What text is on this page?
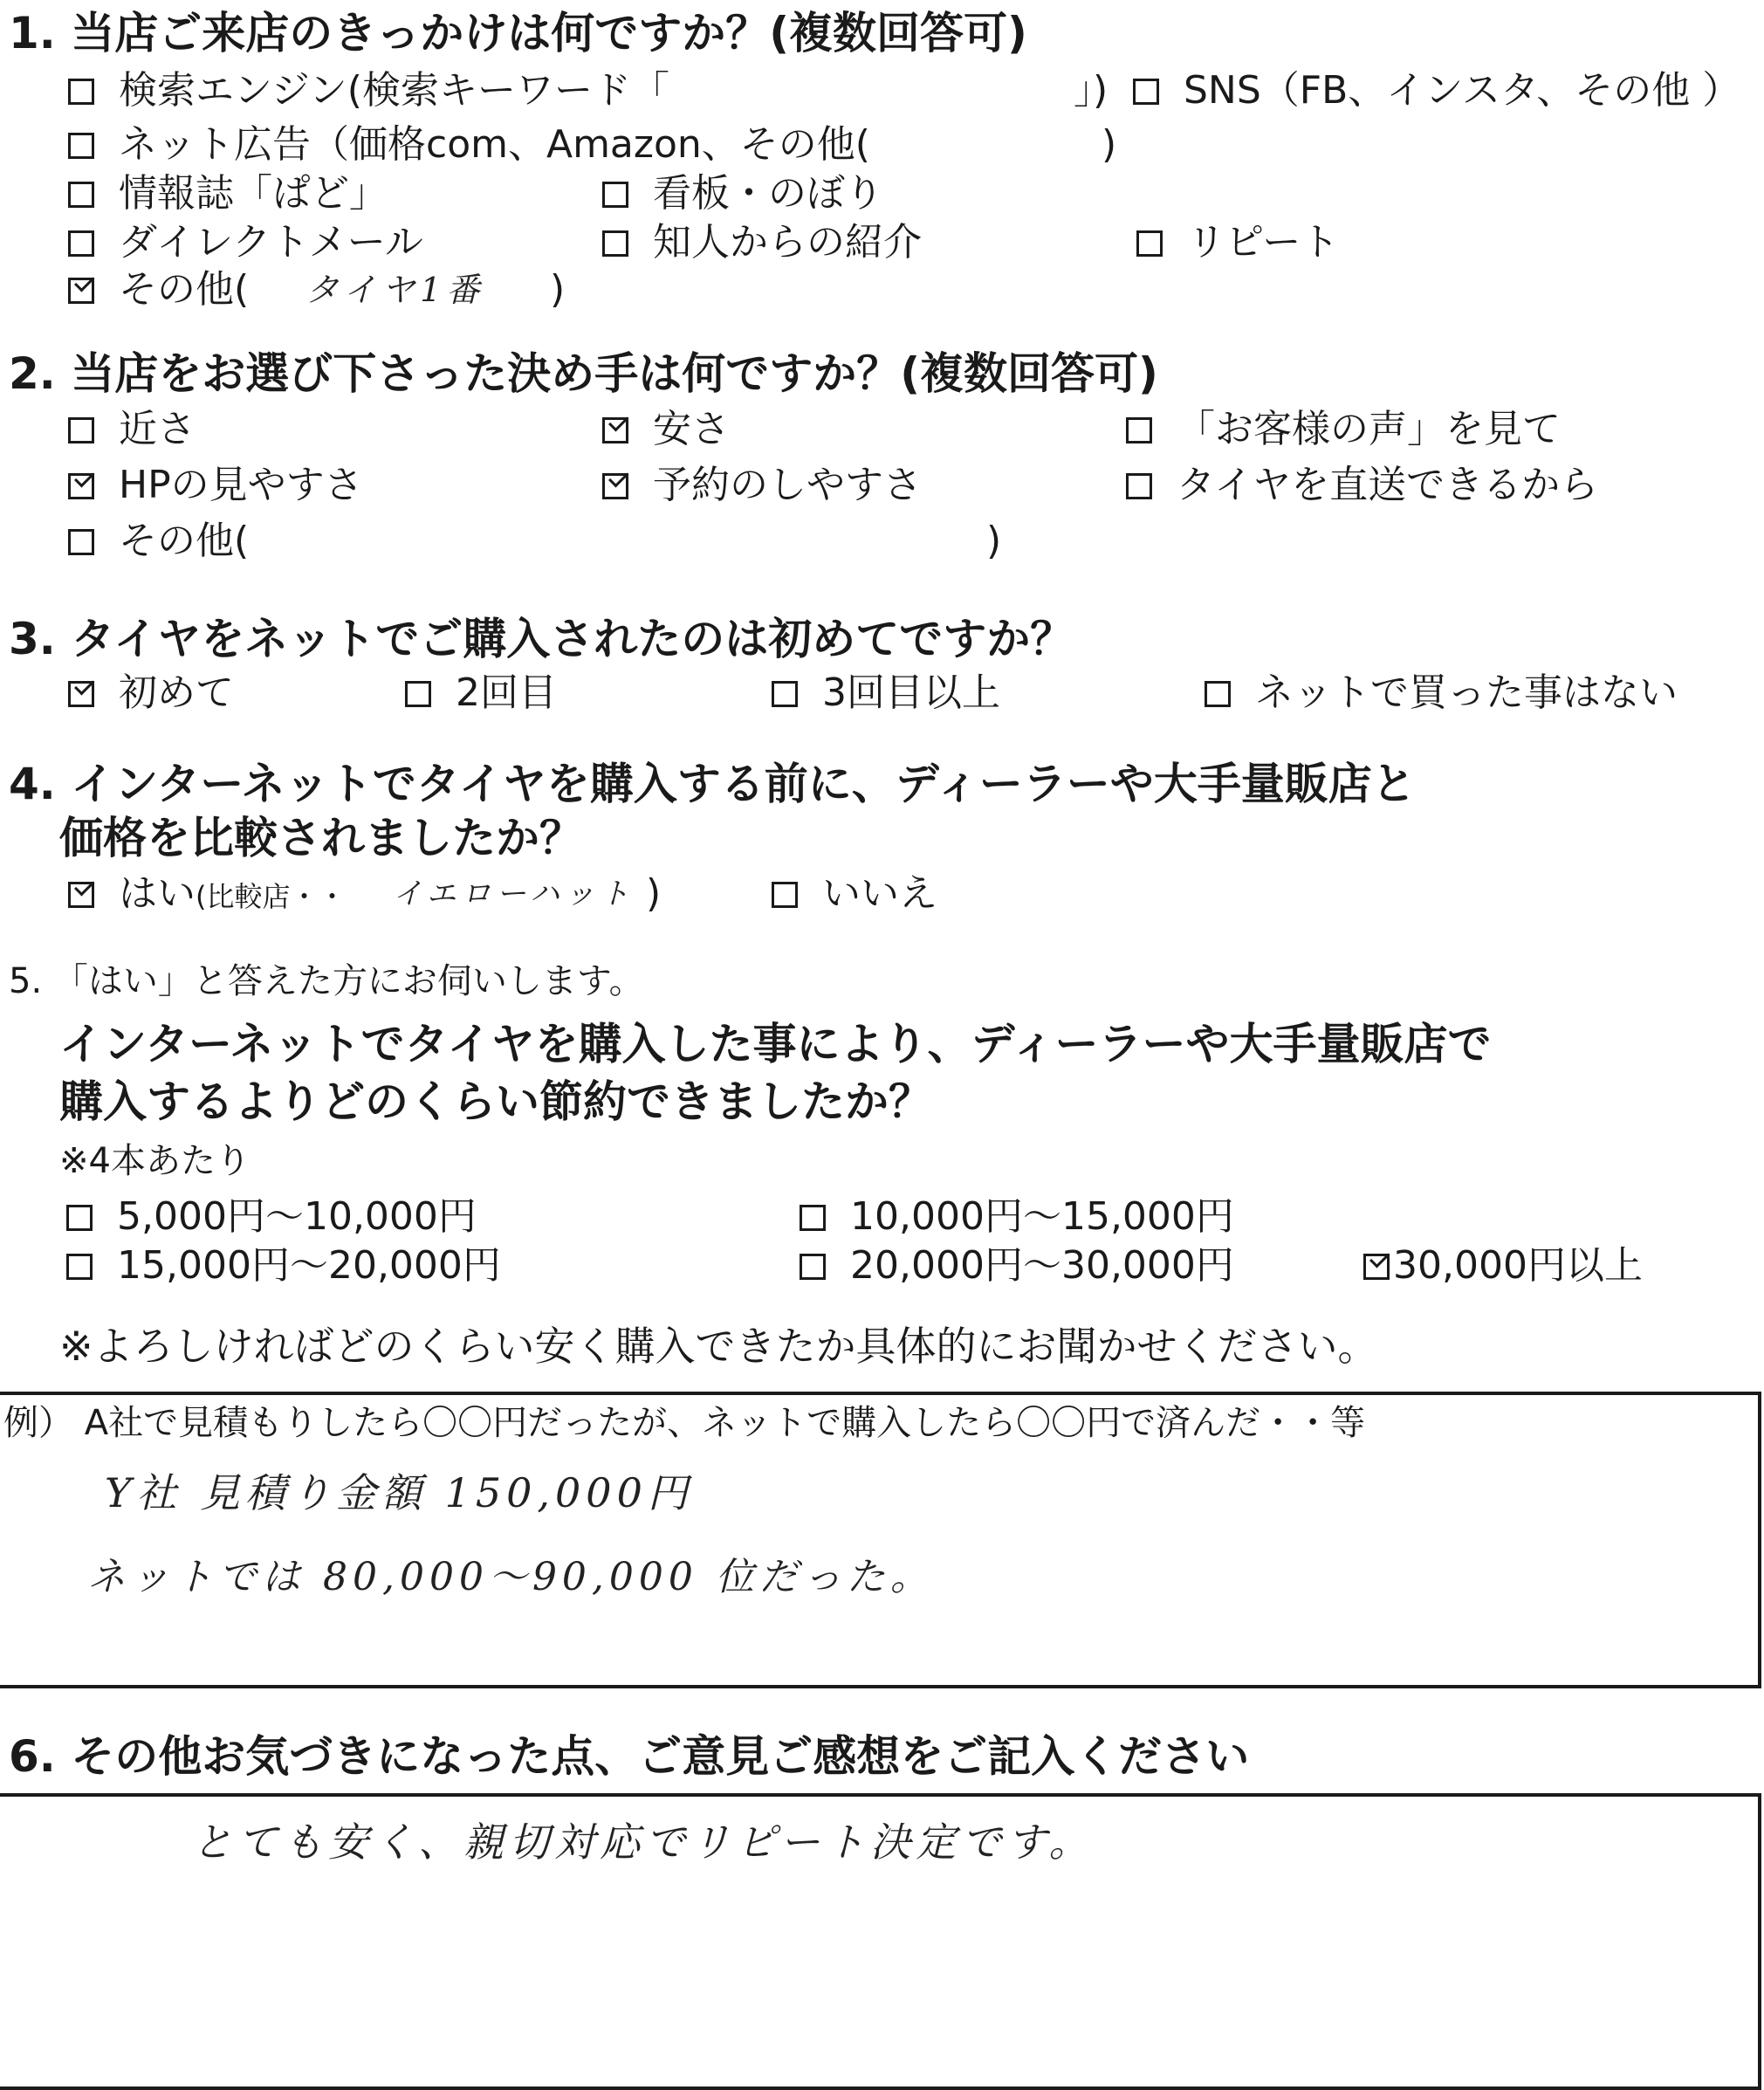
1. 当店ご来店のきっかけは何ですか？(複数回答可)
検索エンジン(検索キーワード「	」)	SNS（FB、インスタ、その他 ）
ネット広告（価格com、Amazon、その他(	)
情報誌「ぱど」	看板・のぼり
ダイレクトメール	知人からの紹介	リピート
その他( タイヤ1番 )
2. 当店をお選び下さった決め手は何ですか？(複数回答可)
近さ	安さ	「お客様の声」を見て
HPの見やすさ	予約のしやすさ	タイヤを直送できるから
その他(	)
3. タイヤをネットでご購入されたのは初めてですか？
初めて	2回目	3回目以上	ネットで買った事はない
4. インターネットでタイヤを購入する前に、ディーラーや大手量販店と
価格を比較されましたか？
はい(比較店・・ イエローハット )	いいえ
5. 「はい」と答えた方にお伺いします。
インターネットでタイヤを購入した事により、ディーラーや大手量販店で
購入するよりどのくらい節約できましたか？
※4本あたり
5,000円～10,000円	10,000円～15,000円
15,000円～20,000円	20,000円～30,000円	30,000円以上
※よろしければどのくらい安く購入できたか具体的にお聞かせください。
例） A社で見積もりしたら〇〇円だったが、ネットで購入したら〇〇円で済んだ・・等
Y社 見積り金額 150,000円
ネットでは 80,000～90,000 位だった。
6. その他お気づきになった点、ご意見ご感想をご記入ください
とても安く、親切対応でリピート決定です。
